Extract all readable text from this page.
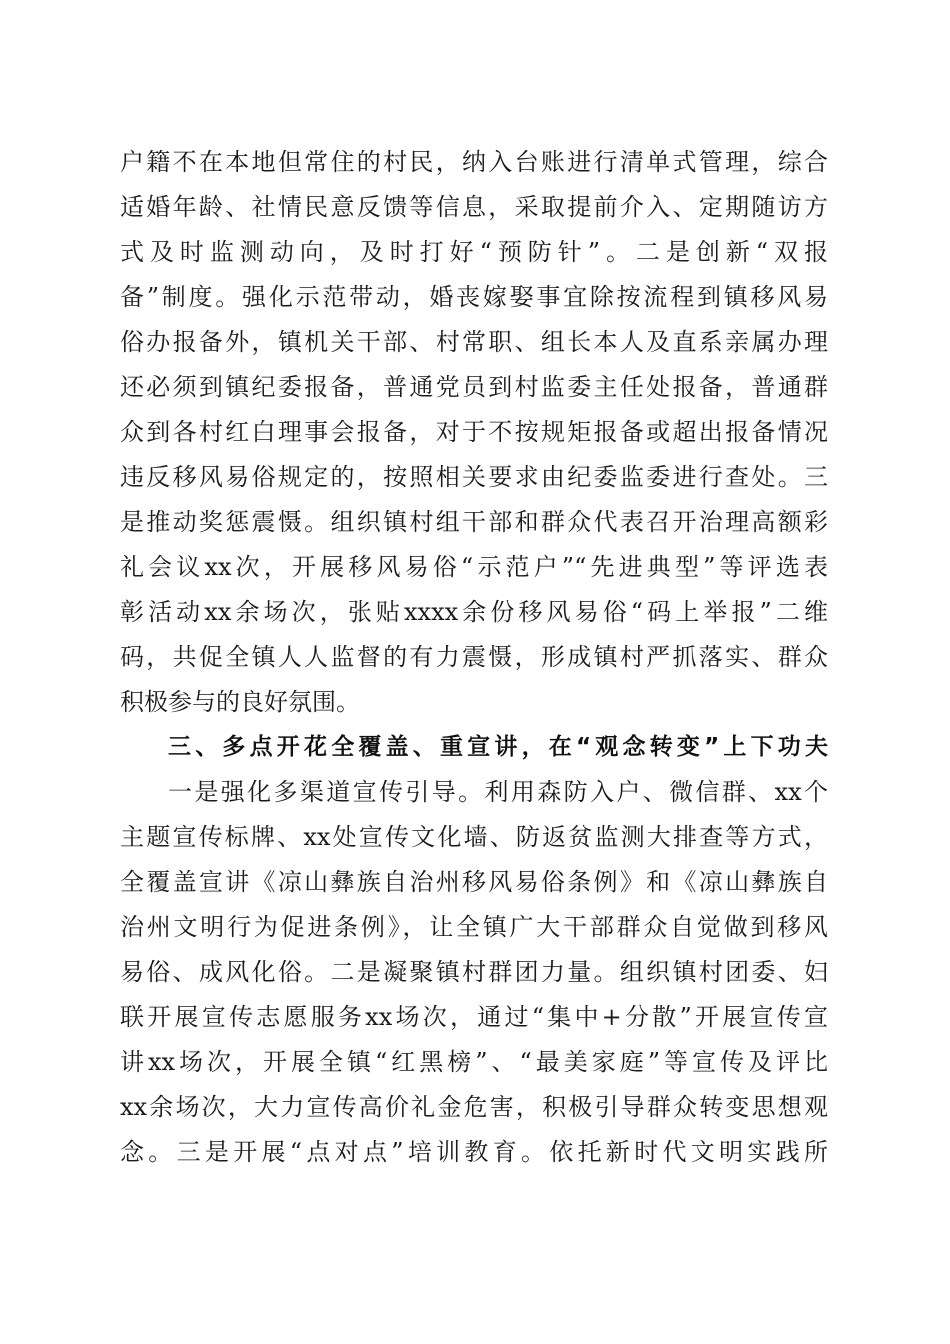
户籍不在本地但常住的村民，纳入台账进行清单式管理，综合
适婚年龄、社情民意反馈等信息，采取提前介入、定期随访方
式及时监测动向，及时打好“预防针”。二是创新“双报
备”制度。强化示范带动，婚丧嫁娶事宜除按流程到镇移风易
俗办报备外，镇机关干部、村常职、组长本人及直系亲属办理
还必须到镇纪委报备，普通党员到村监委主任处报备，普通群
众到各村红白理事会报备，对于不按规矩报备或超出报备情况
违反移风易俗规定的，按照相关要求由纪委监委进行查处。三
是推动奖惩震慑。组织镇村组干部和群众代表召开治理高额彩
礼会议xx次，开展移风易俗“示范户”“先进典型”等评选表
彰活动xx余场次，张贴xxxx余份移风易俗“码上举报”二维
码，共促全镇人人监督的有力震慑，形成镇村严抓落实、群众
积极参与的良好氛围。
三、多点开花全覆盖、重宣讲，在“观念转变”上下功夫
一是强化多渠道宣传引导。利用森防入户、微信群、xx个
主题宣传标牌、xx处宣传文化墙、防返贫监测大排查等方式，
全覆盖宣讲《凉山彝族自治州移风易俗条例》和《凉山彝族自
治州文明行为促进条例》，让全镇广大干部群众自觉做到移风
易俗、成风化俗。二是凝聚镇村群团力量。组织镇村团委、妇
联开展宣传志愿服务xx场次，通过“集中+分散”开展宣传宣
讲xx场次，开展全镇“红黑榜”、“最美家庭”等宣传及评比
xx余场次，大力宣传高价礼金危害，积极引导群众转变思想观
念。三是开展“点对点”培训教育。依托新时代文明实践所
